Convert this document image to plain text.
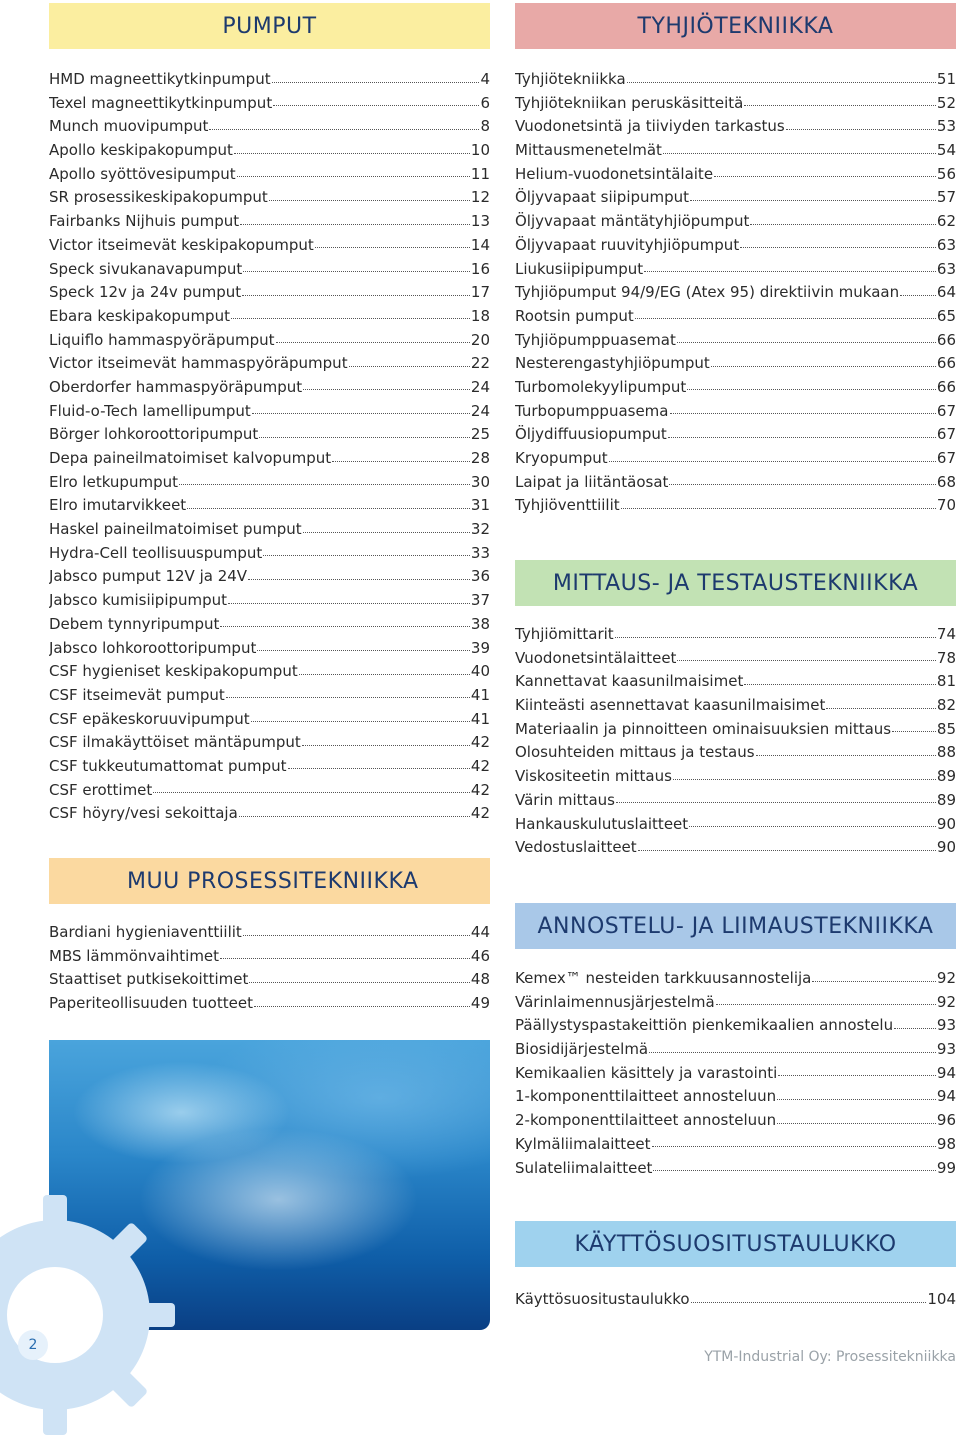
PUMPUT
HMD magneettikytkinpumput	4
Texel magneettikytkinpumput	6
Munch muovipumput	8
Apollo keskipakopumput	10
Apollo syöttövesipumput	11
SR prosessikeskipakopumput	12
Fairbanks Nijhuis pumput	13
Victor itseimevät keskipakopumput	14
Speck sivukanavapumput	16
Speck 12v ja 24v pumput	17
Ebara keskipakopumput	18
Liquiflo hammaspyöräpumput	20
Victor itseimevät hammaspyöräpumput	22
Oberdorfer hammaspyöräpumput	24
Fluid-o-Tech lamellipumput	24
Börger lohkoroottoripumput	25
Depa paineilmatoimiset kalvopumput	28
Elro letkupumput	30
Elro imutarvikkeet	31
Haskel paineilmatoimiset pumput	32
Hydra-Cell teollisuuspumput	33
Jabsco pumput 12V ja 24V	36
Jabsco kumisiipipumput	37
Debem tynnyripumput	38
Jabsco lohkoroottoripumput	39
CSF hygieniset keskipakopumput	40
CSF itseimevät pumput	41
CSF epäkeskoruuvipumput	41
CSF ilmakäyttöiset mäntäpumput	42
CSF tukkeutumattomat pumput	42
CSF erottimet	42
CSF höyry/vesi sekoittaja	42
MUU PROSESSITEKNIIKKA
Bardiani hygieniaventtiilit	44
MBS lämmönvaihtimet	46
Staattiset putkisekoittimet	48
Paperiteollisuuden tuotteet	49
2
TYHJIÖTEKNIIKKA
Tyhjiötekniikka	51
Tyhjiötekniikan peruskäsitteitä	52
Vuodonetsintä ja tiiviyden tarkastus	53
Mittausmenetelmät	54
Helium-vuodonetsintälaite	56
Öljyvapaat siipipumput	57
Öljyvapaat mäntätyhjiöpumput	62
Öljyvapaat ruuvityhjiöpumput	63
Liukusiipipumput	63
Tyhjiöpumput 94/9/EG (Atex 95) direktiivin mukaan	64
Rootsin pumput	65
Tyhjiöpumppuasemat	66
Nesterengastyhjiöpumput	66
Turbomolekyylipumput	66
Turbopumppuasema	67
Öljydiffuusiopumput	67
Kryopumput	67
Laipat ja liitäntäosat	68
Tyhjiöventtiilit	70
MITTAUS- JA TESTAUSTEKNIIKKA
Tyhjiömittarit	74
Vuodonetsintälaitteet	78
Kannettavat kaasunilmaisimet	81
Kiinteästi asennettavat kaasunilmaisimet	82
Materiaalin ja pinnoitteen ominaisuuksien mittaus	85
Olosuhteiden mittaus ja testaus	88
Viskositeetin mittaus	89
Värin mittaus	89
Hankauskulutuslaitteet	90
Vedostuslaitteet	90
ANNOSTELU- JA LIIMAUSTEKNIIKKA
Kemex™ nesteiden tarkkuusannostelija	92
Värinlaimennusjärjestelmä	92
Päällystyspastakeittiön pienkemikaalien annostelu	93
Biosidijärjestelmä	93
Kemikaalien käsittely ja varastointi	94
1-komponenttilaitteet annosteluun	94
2-komponenttilaitteet annosteluun	96
Kylmäliimalaitteet	98
Sulateliimalaitteet	99
KÄYTTÖSUOSITUSTAULUKKO
Käyttösuositustaulukko	104
YTM-Industrial Oy: Prosessitekniikka
